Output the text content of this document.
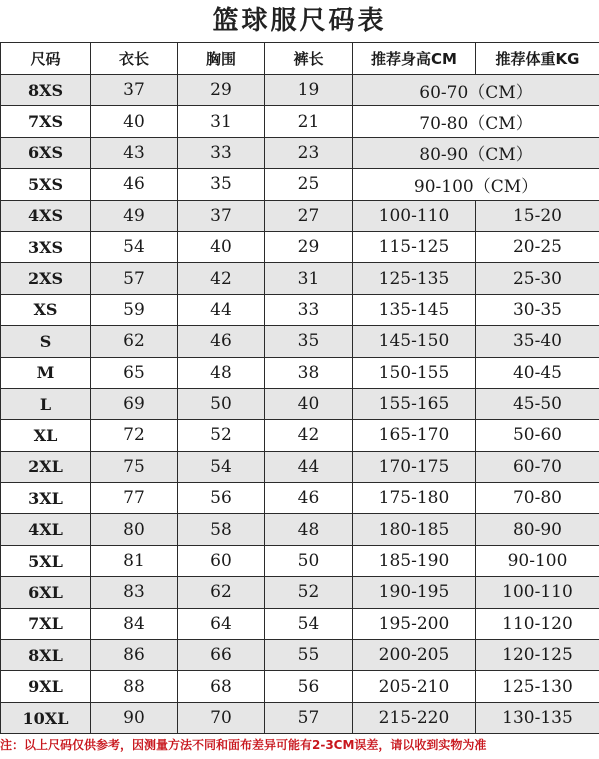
篮球服尺码表
尺码	衣长	胸围	裤长	推荐身高CM	推荐体重KG
8XS	37	29	19	60-70（CM）	
7XS	40	31	21	70-80（CM）	
6XS	43	33	23	80-90（CM）	
5XS	46	35	25	90-100（CM）	
4XS	49	37	27	100-110	15-20
3XS	54	40	29	115-125	20-25
2XS	57	42	31	125-135	25-30
XS	59	44	33	135-145	30-35
S	62	46	35	145-150	35-40
M	65	48	38	150-155	40-45
L	69	50	40	155-165	45-50
XL	72	52	42	165-170	50-60
2XL	75	54	44	170-175	60-70
3XL	77	56	46	175-180	70-80
4XL	80	58	48	180-185	80-90
5XL	81	60	50	185-190	90-100
6XL	83	62	52	190-195	100-110
7XL	84	64	54	195-200	110-120
8XL	86	66	55	200-205	120-125
9XL	88	68	56	205-210	125-130
10XL	90	70	57	215-220	130-135
注：以上尺码仅供参考，因测量方法不同和面布差异可能有2-3CM误差，请以收到实物为准
